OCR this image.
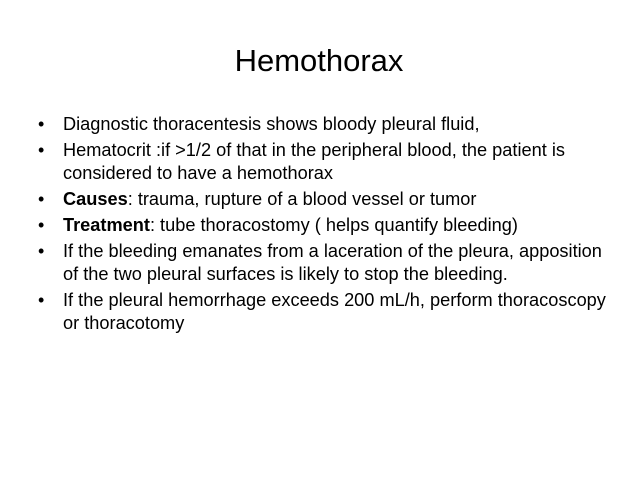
Hemothorax
•	Diagnostic thoracentesis shows bloody pleural fluid,
•	Hematocrit :if >1/2 of that in the peripheral blood, the patient is considered to have a hemothorax
•	Causes: trauma, rupture of a blood vessel or tumor
•	Treatment: tube thoracostomy ( helps quantify bleeding)
•	If the bleeding emanates from a laceration of the pleura, apposition of the two pleural surfaces is likely to stop the bleeding.
•	If the pleural hemorrhage exceeds 200 mL/h, perform thoracoscopy or thoracotomy
